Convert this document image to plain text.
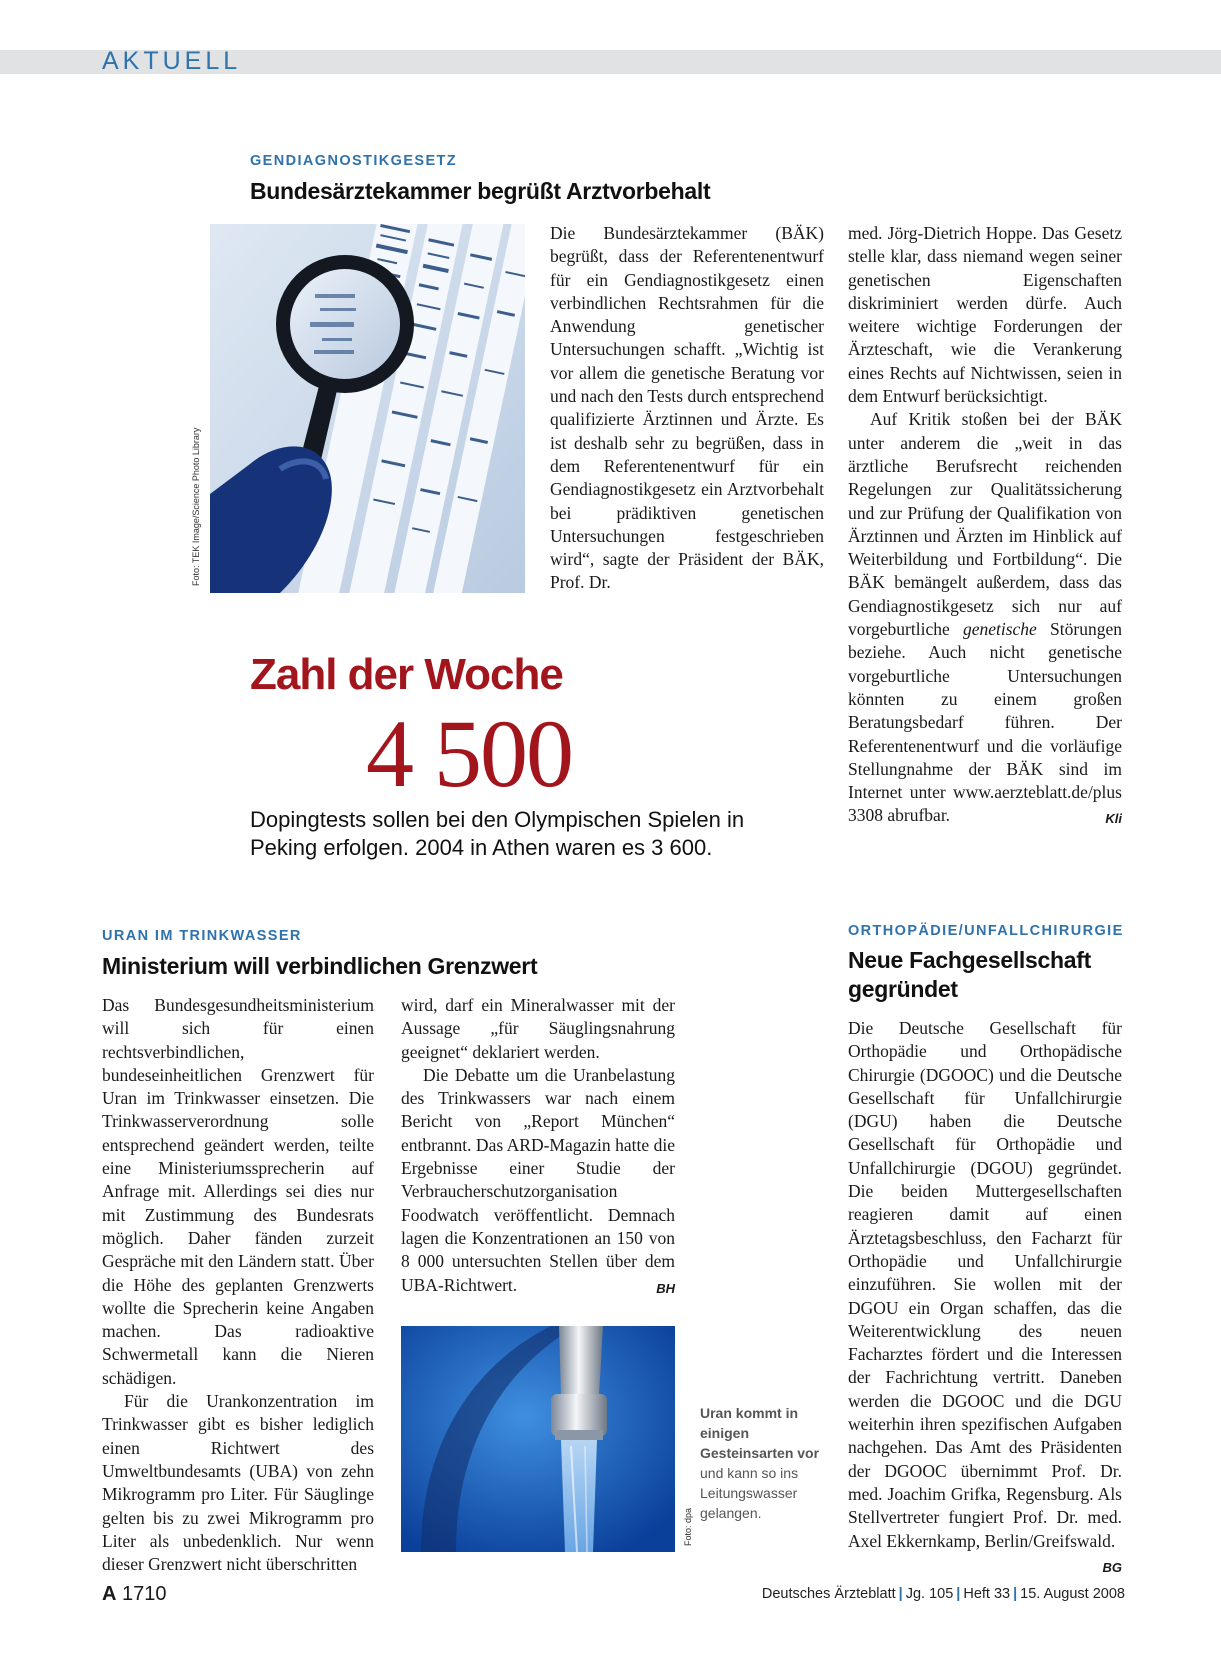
AKTUELL
GENDIAGNOSTIKGESETZ
Bundesärztekammer begrüßt Arztvorbehalt
Foto: TEK Image/Science Photo Library

Die Bundesärztekammer (BÄK) begrüßt, dass der Referentenentwurf für ein Gendiagnostikgesetz einen verbindlichen Rechtsrahmen für die Anwendung genetischer Untersuchungen schafft. „Wichtig ist vor allem die genetische Beratung vor und nach den Tests durch entsprechend qualifizierte Ärztinnen und Ärzte. Es ist deshalb sehr zu begrüßen, dass in dem Referentenentwurf für ein Gendiagnostikgesetz ein Arztvorbehalt bei prädiktiven genetischen Untersuchungen festgeschrieben wird“, sagte der Präsident der BÄK, Prof. Dr.

med. Jörg-Dietrich Hoppe. Das Gesetz stelle klar, dass niemand wegen seiner genetischen Eigenschaften diskriminiert werden dürfe. Auch weitere wichtige Forderungen der Ärzteschaft, wie die Verankerung eines Rechts auf Nichtwissen, seien in dem Entwurf berücksichtigt.

Auf Kritik stoßen bei der BÄK unter anderem die „weit in das ärztliche Berufsrecht reichenden Regelungen zur Qualitätssicherung und zur Prüfung der Qualifikation von Ärztinnen und Ärzten im Hinblick auf Weiterbildung und Fortbildung“. Die BÄK bemängelt außerdem, dass das Gendiagnostikgesetz sich nur auf vorgeburtliche genetische Störungen beziehe. Auch nicht genetische vorgeburtliche Untersuchungen könnten zu einem großen Beratungsbedarf führen. Der Referentenentwurf und die vorläufige Stellungnahme der BÄK sind im Internet unter www.aerzteblatt.de/plus 3308 abrufbar.	Kli

Zahl der Woche
4 500
Dopingtests sollen bei den Olympischen Spielen in Peking erfolgen. 2004 in Athen waren es 3 600.
URAN IM TRINKWASSER
Ministerium will verbindlichen Grenzwert

Das Bundesgesundheitsministerium will sich für einen rechtsverbindlichen, bundeseinheitlichen Grenzwert für Uran im Trinkwasser einsetzen. Die Trinkwasserverordnung solle entsprechend geändert werden, teilte eine Ministeriumssprecherin auf Anfrage mit. Allerdings sei dies nur mit Zustimmung des Bundesrats möglich. Daher fänden zurzeit Gespräche mit den Ländern statt. Über die Höhe des geplanten Grenzwerts wollte die Sprecherin keine Angaben machen. Das radioaktive Schwermetall kann die Nieren schädigen.

Für die Urankonzentration im Trinkwasser gibt es bisher lediglich einen Richtwert des Umweltbundesamts (UBA) von zehn Mikrogramm pro Liter. Für Säuglinge gelten bis zu zwei Mikrogramm pro Liter als unbedenklich. Nur wenn dieser Grenzwert nicht überschritten

wird, darf ein Mineralwasser mit der Aussage „für Säuglingsnahrung geeignet“ deklariert werden.

Die Debatte um die Uranbelastung des Trinkwassers war nach einem Bericht von „Report München“ entbrannt. Das ARD-Magazin hatte die Ergebnisse einer Studie der Verbraucherschutzorganisation Foodwatch veröffentlicht. Demnach lagen die Konzentrationen an 150 von 8 000 untersuchten Stellen über dem UBA-Richtwert.	BH

Foto: dpa
Uran kommt in einigen Gesteinsarten vor und kann so ins Leitungswasser gelangen.
ORTHOPÄDIE/UNFALLCHIRURGIE
Neue Fachgesellschaft gegründet

Die Deutsche Gesellschaft für Orthopädie und Orthopädische Chirurgie (DGOOC) und die Deutsche Gesellschaft für Unfallchirurgie (DGU) haben die Deutsche Gesellschaft für Orthopädie und Unfallchirurgie (DGOU) gegründet. Die beiden Muttergesellschaften reagieren damit auf einen Ärztetagsbeschluss, den Facharzt für Orthopädie und Unfallchirurgie einzuführen. Sie wollen mit der DGOU ein Organ schaffen, das die Weiterentwicklung des neuen Facharztes fördert und die Interessen der Fachrichtung vertritt. Daneben werden die DGOOC und die DGU weiterhin ihren spezifischen Aufgaben nachgehen. Das Amt des Präsidenten der DGOOC übernimmt Prof. Dr. med. Joachim Grifka, Regensburg. Als Stellvertreter fungiert Prof. Dr. med. Axel Ekkernkamp, Berlin/Greifswald.
BG

A 1710	Deutsches Ärzteblatt | Jg. 105 | Heft 33 | 15. August 2008
